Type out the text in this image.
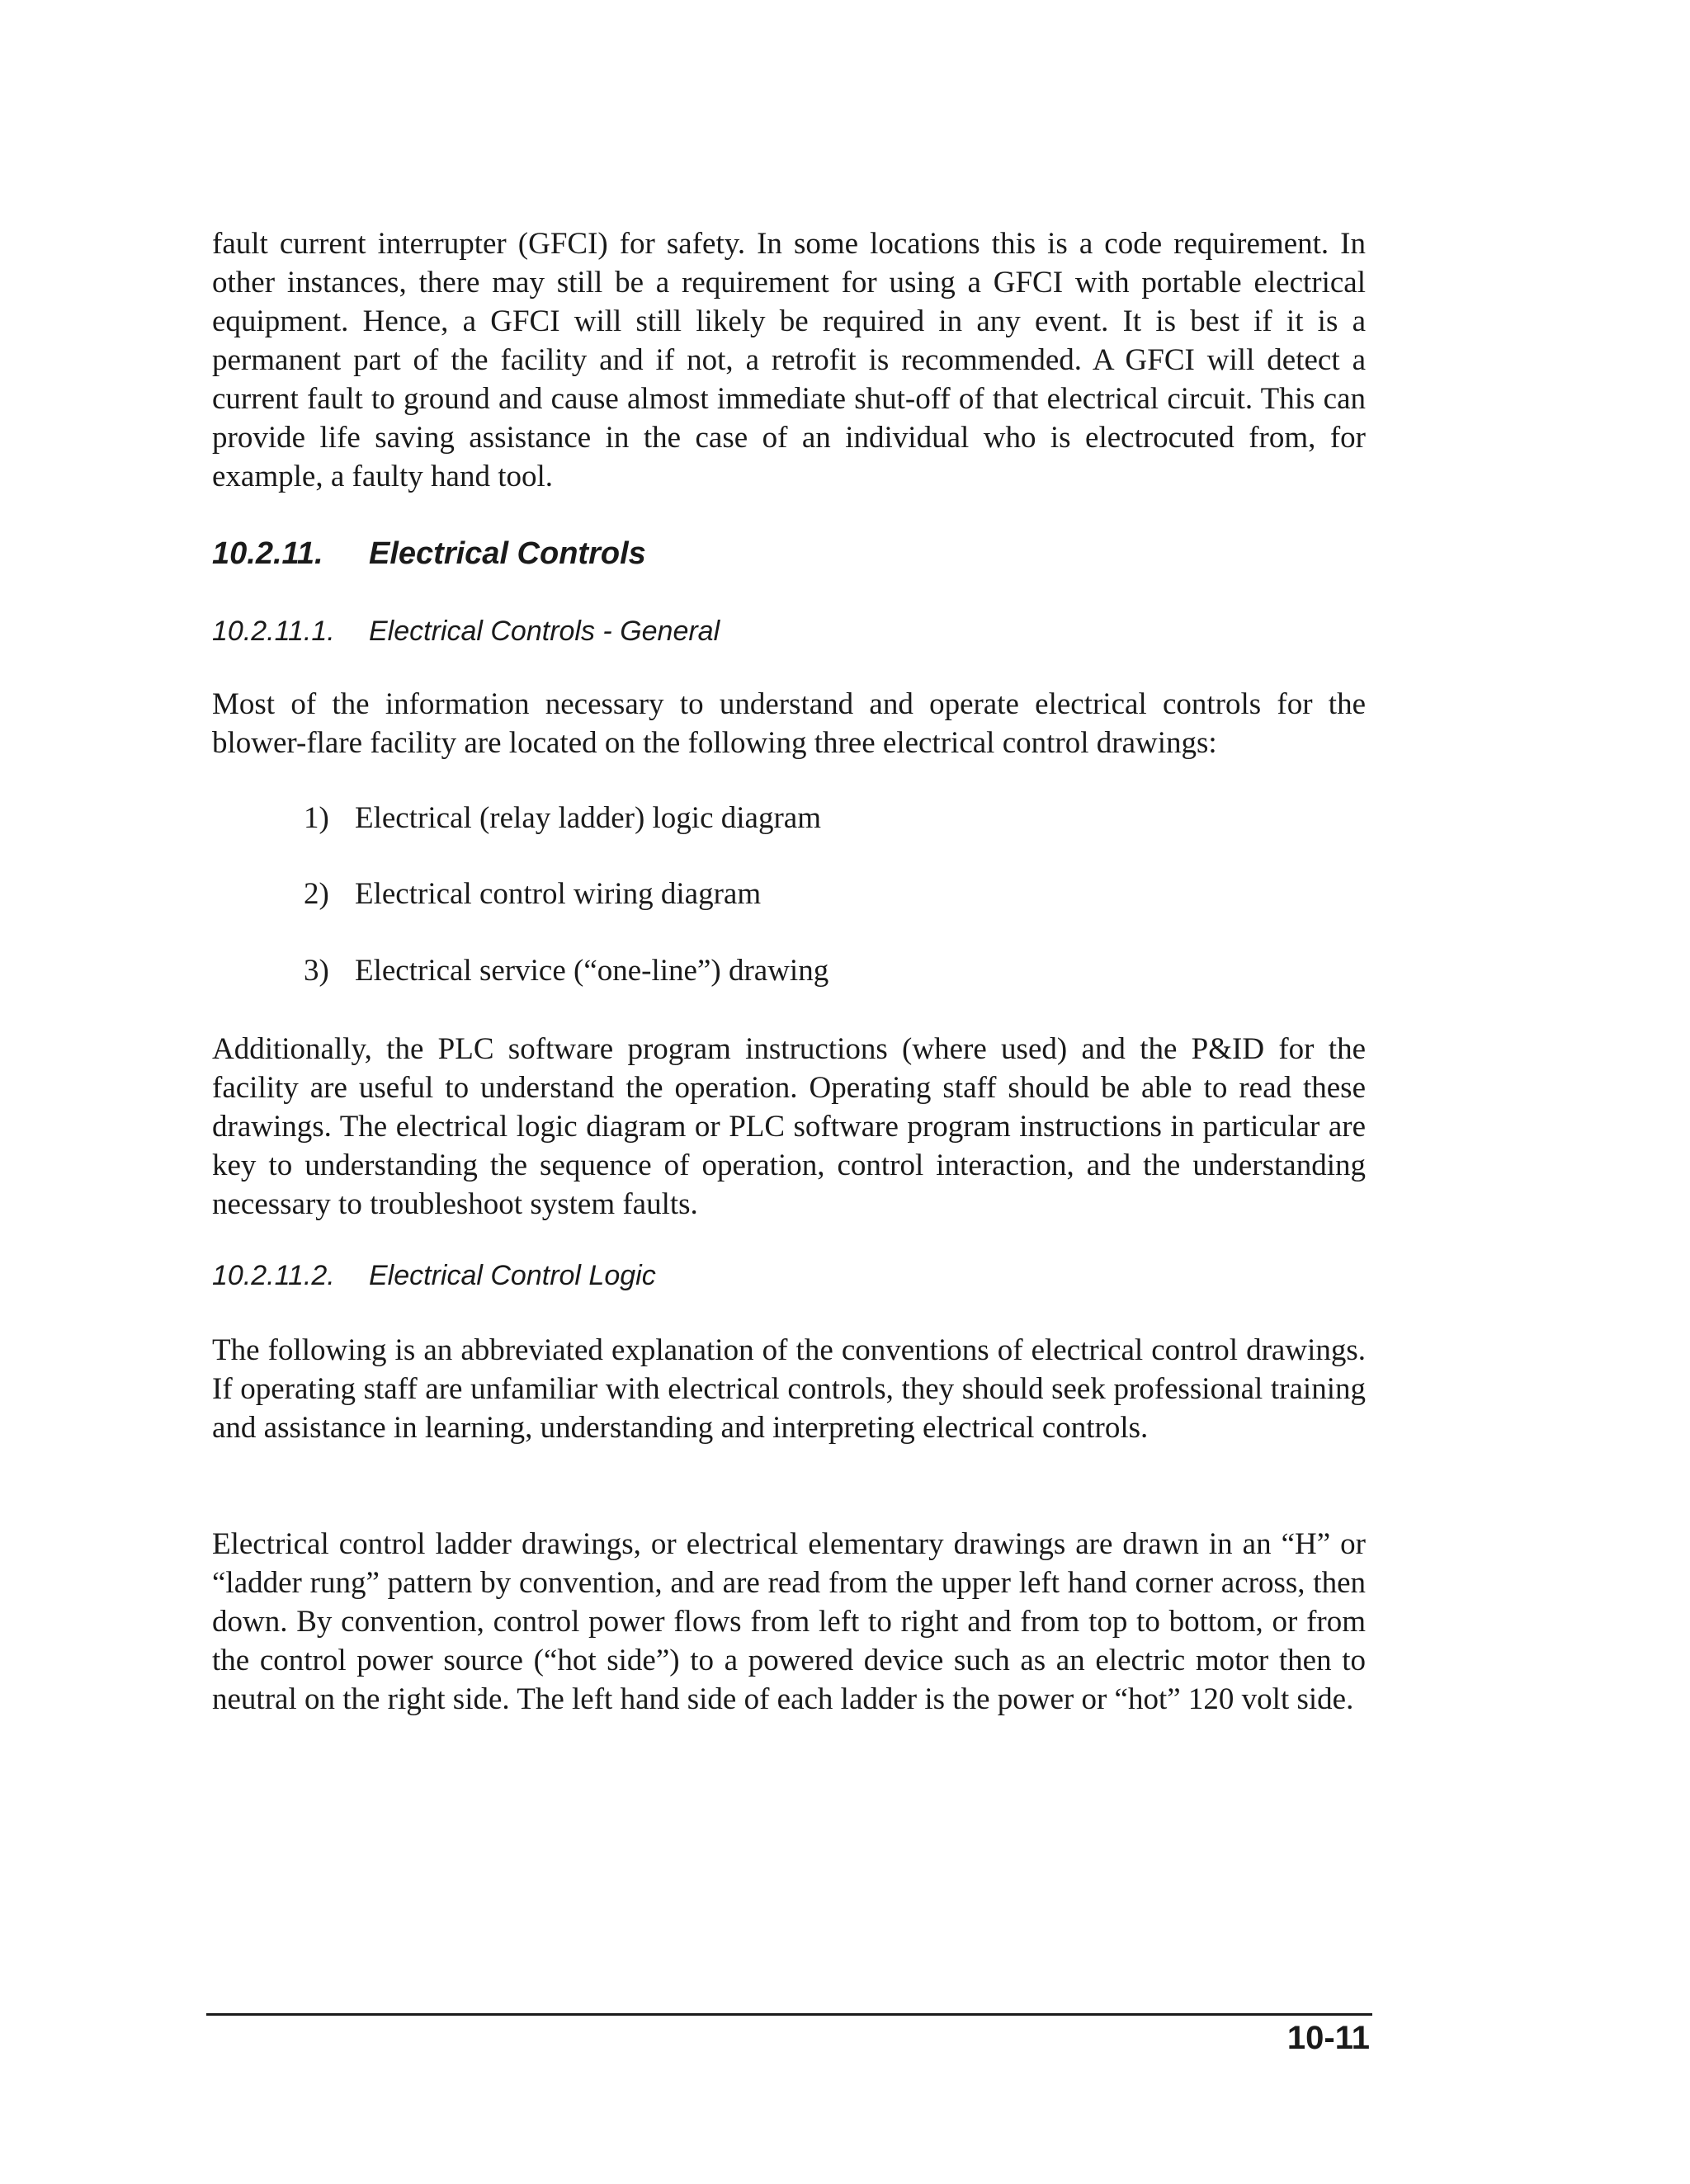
fault current interrupter (GFCI) for safety. In some locations this is a code requirement. In other instances, there may still be a requirement for using a GFCI with portable electrical equipment. Hence, a GFCI will still likely be required in any event. It is best if it is a permanent part of the facility and if not, a retrofit is recommended. A GFCI will detect a current fault to ground and cause almost immediate shut-off of that electrical circuit. This can provide life saving assistance in the case of an individual who is electrocuted from, for example, a faulty hand tool.

10.2.11.	Electrical Controls
10.2.11.1.	Electrical Controls - General

Most of the information necessary to understand and operate electrical controls for the blower-flare facility are located on the following three electrical control drawings:

1) Electrical (relay ladder) logic diagram
2) Electrical control wiring diagram
3) Electrical service (“one-line”) drawing

Additionally, the PLC software program instructions (where used) and the P&ID for the facility are useful to understand the operation. Operating staff should be able to read these drawings. The electrical logic diagram or PLC software program instructions in particular are key to understanding the sequence of operation, control interaction, and the understanding necessary to troubleshoot system faults.

10.2.11.2.	Electrical Control Logic

The following is an abbreviated explanation of the conventions of electrical control drawings. If operating staff are unfamiliar with electrical controls, they should seek professional training and assistance in learning, understanding and interpreting electrical controls.

Electrical control ladder drawings, or electrical elementary drawings are drawn in an “H” or “ladder rung” pattern by convention, and are read from the upper left hand corner across, then down. By convention, control power flows from left to right and from top to bottom, or from the control power source (“hot side”) to a powered device such as an electric motor then to neutral on the right side. The left hand side of each ladder is the power or “hot” 120 volt side.

10-11
